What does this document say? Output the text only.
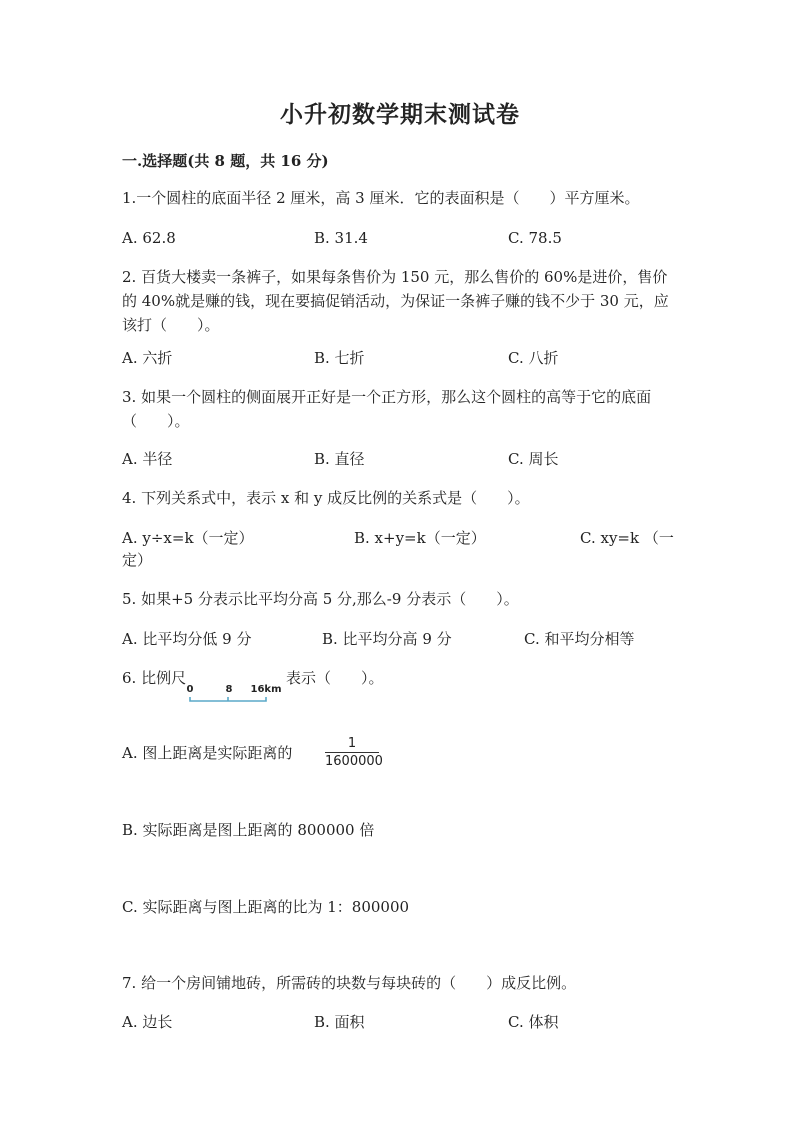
小升初数学期末测试卷
一.选择题(共 8 题，共 16 分)
1.一个圆柱的底面半径 2 厘米，高 3 厘米．它的表面积是（　　）平方厘米。
A. 62.8	B. 31.4	C. 78.5
2. 百货大楼卖一条裤子，如果每条售价为 150 元，那么售价的 60%是进价，售价的 40%就是赚的钱，现在要搞促销活动，为保证一条裤子赚的钱不少于 30 元，应该打（　　）。
A. 六折	B. 七折	C. 八折
3. 如果一个圆柱的侧面展开正好是一个正方形，那么这个圆柱的高等于它的底面（　　）。
A. 半径	B. 直径	C. 周长
4. 下列关系式中，表示 x 和 y 成反比例的关系式是（　　）。
A. y÷x=k（一定）	B. x+y=k（一定）	C. xy=k （一
定）
5. 如果+5 分表示比平均分高 5 分,那么-9 分表示（　　）。
A. 比平均分低 9 分	B. 比平均分高 9 分	C. 和平均分相等
6. 比例尺
0	8 16km
表示（　　）。
A. 图上距离是实际距离的
1
1600000
B. 实际距离是图上距离的 800000 倍
C. 实际距离与图上距离的比为 1：800000
7. 给一个房间铺地砖，所需砖的块数与每块砖的（　　）成反比例。
A. 边长	B. 面积	C. 体积
